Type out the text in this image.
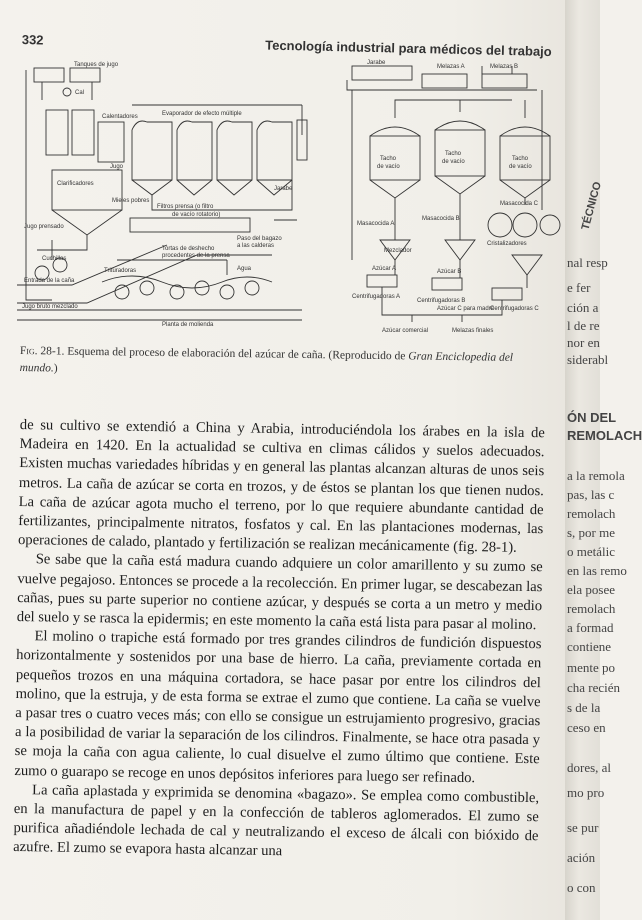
332	Tecnología industrial para médicos del trabajo
Tanques de jugo
Cal
Calentadores	Evaporador de efecto múltiple
Jugo
Clarificadores
Jarabe
Mieles pobres
Filtros prensa (o filtro
de vacío rotatorio)
Paso del bagazo
a las calderas
Tortas de deshecho
procedentes de la prensa
Jugo prensado
Cuchillas
Trituradoras
Entrada de la caña
Agua
Jugo bruto mezclado
Planta de molienda
Jarabe
Melazas A	Melazas B
Tacho
de vacío
Tacho
de vacío	Tacho
de vacío
Masacocida A
Masacocida B
Masacocida C
Mezclador
Cristalizadores
Centrifugadoras A
Centrifugadoras B
Centrifugadoras C
Azúcar A	Azúcar B
Azúcar C para madre
Azúcar comercial	Melazas finales
Fig. 28-1. Esquema del proceso de elaboración del azúcar de caña. (Reproducido de Gran Enciclopedia del mundo.)

de su cultivo se extendió a China y Arabia, introduciéndola los árabes en la isla de Madeira en 1420. En la actualidad se cultiva en climas cálidos y suelos adecuados. Existen muchas variedades híbridas y en general las plantas alcanzan alturas de unos seis metros. La caña de azúcar se corta en trozos, y de éstos se plantan los que tienen nudos. La caña de azúcar agota mucho el terreno, por lo que requiere abundante cantidad de fertilizantes, principalmente nitratos, fosfatos y cal. En las plantaciones modernas, las operaciones de calado, plantado y fertilización se realizan mecánicamente (fig. 28-1).

Se sabe que la caña está madura cuando adquiere un color amarillento y su zumo se vuelve pegajoso. Entonces se procede a la recolección. En primer lugar, se descabezan las cañas, pues su parte superior no contiene azúcar, y después se corta a un metro y medio del suelo y se rasca la epidermis; en este momento la caña está lista para pasar al molino.

El molino o trapiche está formado por tres grandes cilindros de fundición dispuestos horizontalmente y sostenidos por una base de hierro. La caña, previamente cortada en pequeños trozos en una máquina cortadora, se hace pasar por entre los cilindros del molino, que la estruja, y de esta forma se extrae el zumo que contiene. La caña se vuelve a pasar tres o cuatro veces más; con ello se consigue un estrujamiento progresivo, gracias a la posibilidad de variar la separación de los cilindros. Finalmente, se hace otra pasada y se moja la caña con agua caliente, lo cual disuelve el zumo último que contiene. Este zumo o guarapo se recoge en unos depósitos inferiores para luego ser refinado.

La caña aplastada y exprimida se denomina «bagazo». Se emplea como combustible, en la manufactura de papel y en la confección de tableros aglomerados. El zumo se purifica añadiéndole lechada de cal y neutralizando el exceso de álcali con bióxido de azufre. El zumo se evapora hasta alcanzar una

TÉCNICO
nal resp
e fer
ción a
l de re
nor en
siderabl
ÓN DEL
REMOLACH
a la remola
pas, las c
remolach
s, por me
o metálic
en las remo
ela posee
remolach
a formad
contiene
mente po
cha recién
s de la
ceso en
dores, al
mo pro
se pur
ación
o con
